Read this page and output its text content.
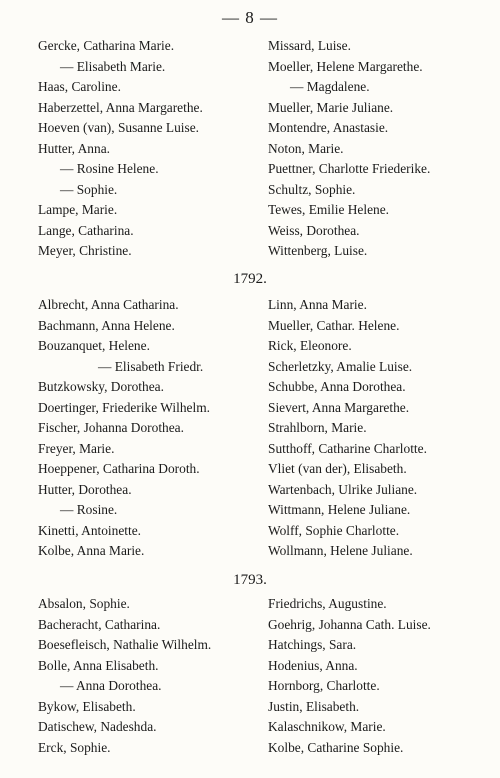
— 8 —
Gercke, Catharina Marie.
— Elisabeth Marie.
Haas, Caroline.
Haberzettel, Anna Margarethe.
Hoeven (van), Susanne Luise.
Hutter, Anna.
— Rosine Helene.
— Sophie.
Lampe, Marie.
Lange, Catharina.
Meyer, Christine.
Missard, Luise.
Moeller, Helene Margarethe.
— Magdalene.
Mueller, Marie Juliane.
Montendre, Anastasie.
Noton, Marie.
Puettner, Charlotte Friederike.
Schultz, Sophie.
Tewes, Emilie Helene.
Weiss, Dorothea.
Wittenberg, Luise.
1792.
Albrecht, Anna Catharina.
Bachmann, Anna Helene.
Bouzanquet, Helene.
— Elisabeth Friedr.
Butzkowsky, Dorothea.
Doertinger, Friederike Wilhelm.
Fischer, Johanna Dorothea.
Freyer, Marie.
Hoeppener, Catharina Doroth.
Hutter, Dorothea.
— Rosine.
Kinetti, Antoinette.
Kolbe, Anna Marie.
Linn, Anna Marie.
Mueller, Cathar. Helene.
Rick, Eleonore.
Scherletzky, Amalie Luise.
Schubbe, Anna Dorothea.
Sievert, Anna Margarethe.
Strahlborn, Marie.
Sutthoff, Catharine Charlotte.
Vliet (van der), Elisabeth.
Wartenbach, Ulrike Juliane.
Wittmann, Helene Juliane.
Wolff, Sophie Charlotte.
Wollmann, Helene Juliane.
1793.
Absalon, Sophie.
Bacheracht, Catharina.
Boesefleisch, Nathalie Wilhelm.
Bolle, Anna Elisabeth.
— Anna Dorothea.
Bykow, Elisabeth.
Datischew, Nadeshda.
Erck, Sophie.
Friedrichs, Augustine.
Goehrig, Johanna Cath. Luise.
Hatchings, Sara.
Hodenius, Anna.
Hornborg, Charlotte.
Justin, Elisabeth.
Kalaschnikow, Marie.
Kolbe, Catharine Sophie.
